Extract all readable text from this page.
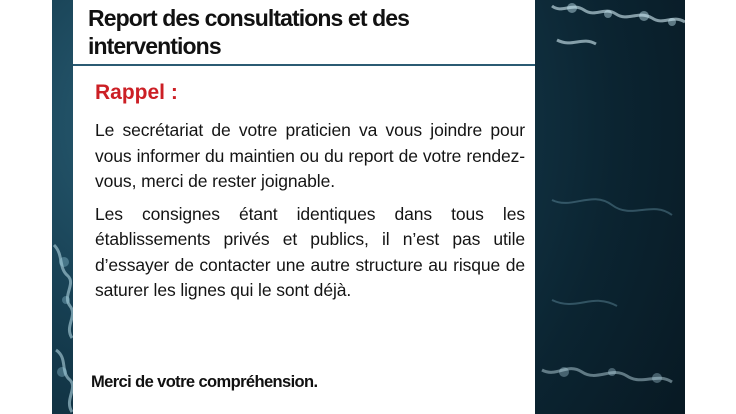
Report des consultations et des interventions

Rappel :

Le secrétariat de votre praticien va vous joindre pour vous informer du maintien ou du report de votre rendez-vous, merci de rester joignable.

Les consignes étant identiques dans tous les établissements privés et publics, il n’est pas utile d’essayer de contacter une autre structure au risque de saturer les lignes qui le sont déjà.

Merci de votre compréhension.
